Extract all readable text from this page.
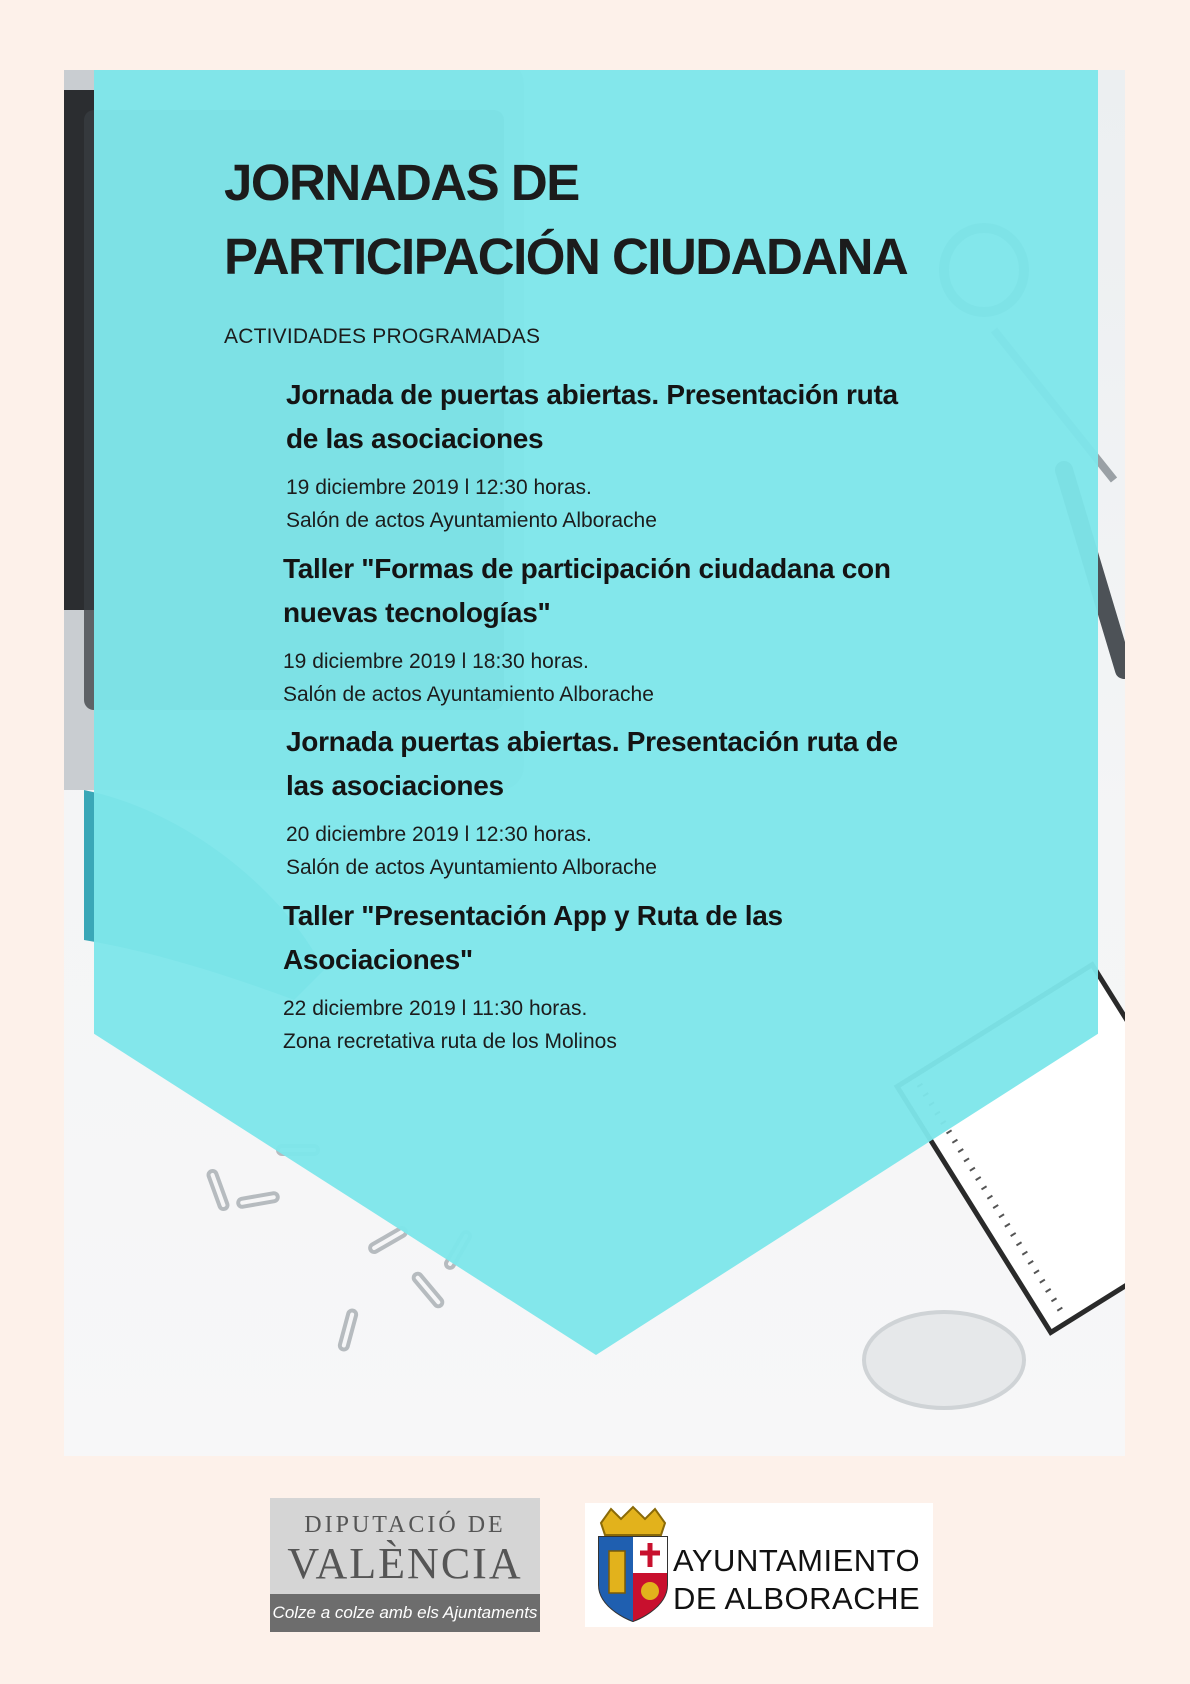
JORNADAS DE
PARTICIPACIÓN CIUDADANA
ACTIVIDADES PROGRAMADAS
Jornada de puertas abiertas. Presentación ruta
de las asociaciones
19 diciembre 2019 l 12:30 horas.
Salón de actos Ayuntamiento Alborache
Taller "Formas de participación ciudadana con
nuevas tecnologías"
19 diciembre 2019 l 18:30 horas.
Salón de actos Ayuntamiento Alborache
Jornada puertas abiertas. Presentación ruta de
las asociaciones
20 diciembre 2019 l 12:30 horas.
Salón de actos Ayuntamiento Alborache
Taller "Presentación App y Ruta de las
Asociaciones"
22 diciembre 2019 l 11:30 horas.
Zona recretativa ruta de los Molinos
DIPUTACIÓ DE
VALÈNCIA
Colze a colze amb els Ajuntaments
AYUNTAMIENTO
DE ALBORACHE
